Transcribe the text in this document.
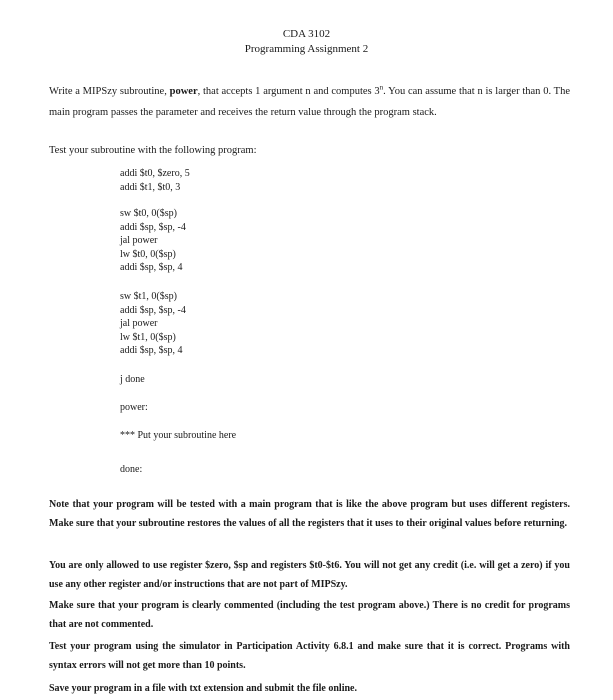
CDA 3102
Programming Assignment 2
Write a MIPSzy subroutine, power, that accepts 1 argument n and computes 3$^n$. You can assume that n is larger than 0. The main program passes the parameter and receives the return value through the program stack.
Test your subroutine with the following program:
addi $t0, $zero, 5
addi $t1, $t0, 3
sw $t0, 0($sp)
addi $sp, $sp, -4
jal power
lw $t0, 0($sp)
addi $sp, $sp, 4
sw $t1, 0($sp)
addi $sp, $sp, -4
jal power
lw $t1, 0($sp)
addi $sp, $sp, 4
j done
power:
*** Put your subroutine here
done:
Note that your program will be tested with a main program that is like the above program but uses different registers. Make sure that your subroutine restores the values of all the registers that it uses to their original values before returning.
You are only allowed to use register $zero, $sp and registers $t0-$t6. You will not get any credit (i.e. will get a zero) if you use any other register and/or instructions that are not part of MIPSzy.
Make sure that your program is clearly commented (including the test program above.) There is no credit for programs that are not commented.
Test your program using the simulator in Participation Activity 6.8.1 and make sure that it is correct. Programs with syntax errors will not get more than 10 points.
Save your program in a file with txt extension and submit the file online.
